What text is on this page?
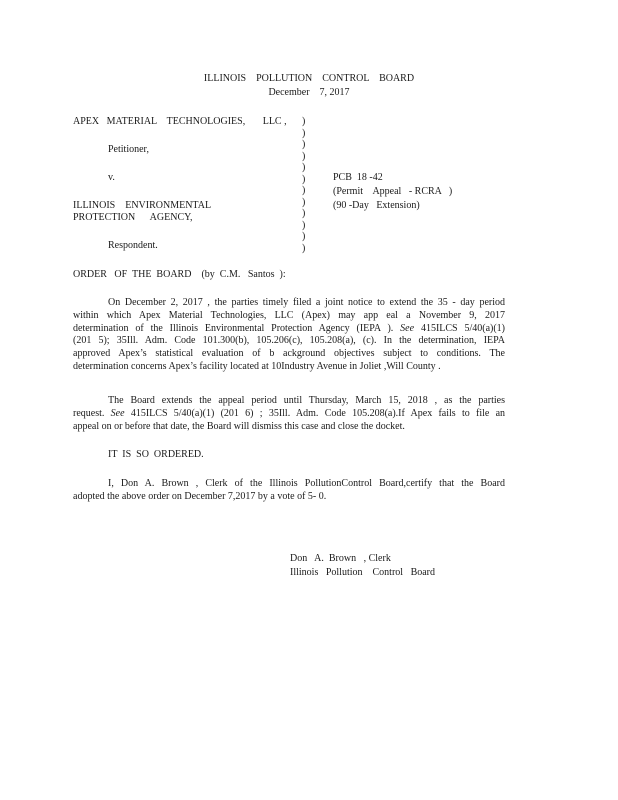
ILLINOIS    POLLUTION    CONTROL    BOARD
December    7, 2017
APEX   MATERIAL    TECHNOLOGIES,       LLC ,
Petitioner,
v.
ILLINOIS    ENVIRONMENTAL
PROTECTION      AGENCY,
Respondent.
)
)
)
)
)
)
)
)
)
)
)
)
PCB  18 -42
(Permit    Appeal   - RCRA   )
(90 -Day   Extension)
ORDER   OF  THE  BOARD    (by  C.M.   Santos  ):
On December 2, 2017 , the parties timely filed a joint notice to extend the 35 - day period
within which Apex Material Technologies, LLC (Apex) may app eal a November 9, 2017
determination of the Illinois Environmental Protection Agency (IEPA ). See 415ILCS 5/40(a)(1)
(201 5); 35Ill. Adm. Code 101.300(b), 105.206(c), 105.208(a), (c). In the determination, IEPA
approved Apex’s statistical evaluation of b ackground objectives subject to conditions. The
determination concerns Apex’s facility located at 10Industry Avenue in Joliet ,Will County .
The Board extends the appeal period until Thursday, March 15, 2018 , as the parties
request. See 415ILCS 5/40(a)(1) (201 6) ; 35Ill. Adm. Code 105.208(a).If Apex fails to file an
appeal on or before that date, the Board will dismiss this case and close the docket.
IT  IS  SO  ORDERED.
I, Don A. Brown , Clerk of the Illinois PollutionControl Board,certify that the Board
adopted the above order on December 7,2017 by a vote of 5- 0.
Don   A.  Brown   , Clerk
Illinois   Pollution    Control   Board
